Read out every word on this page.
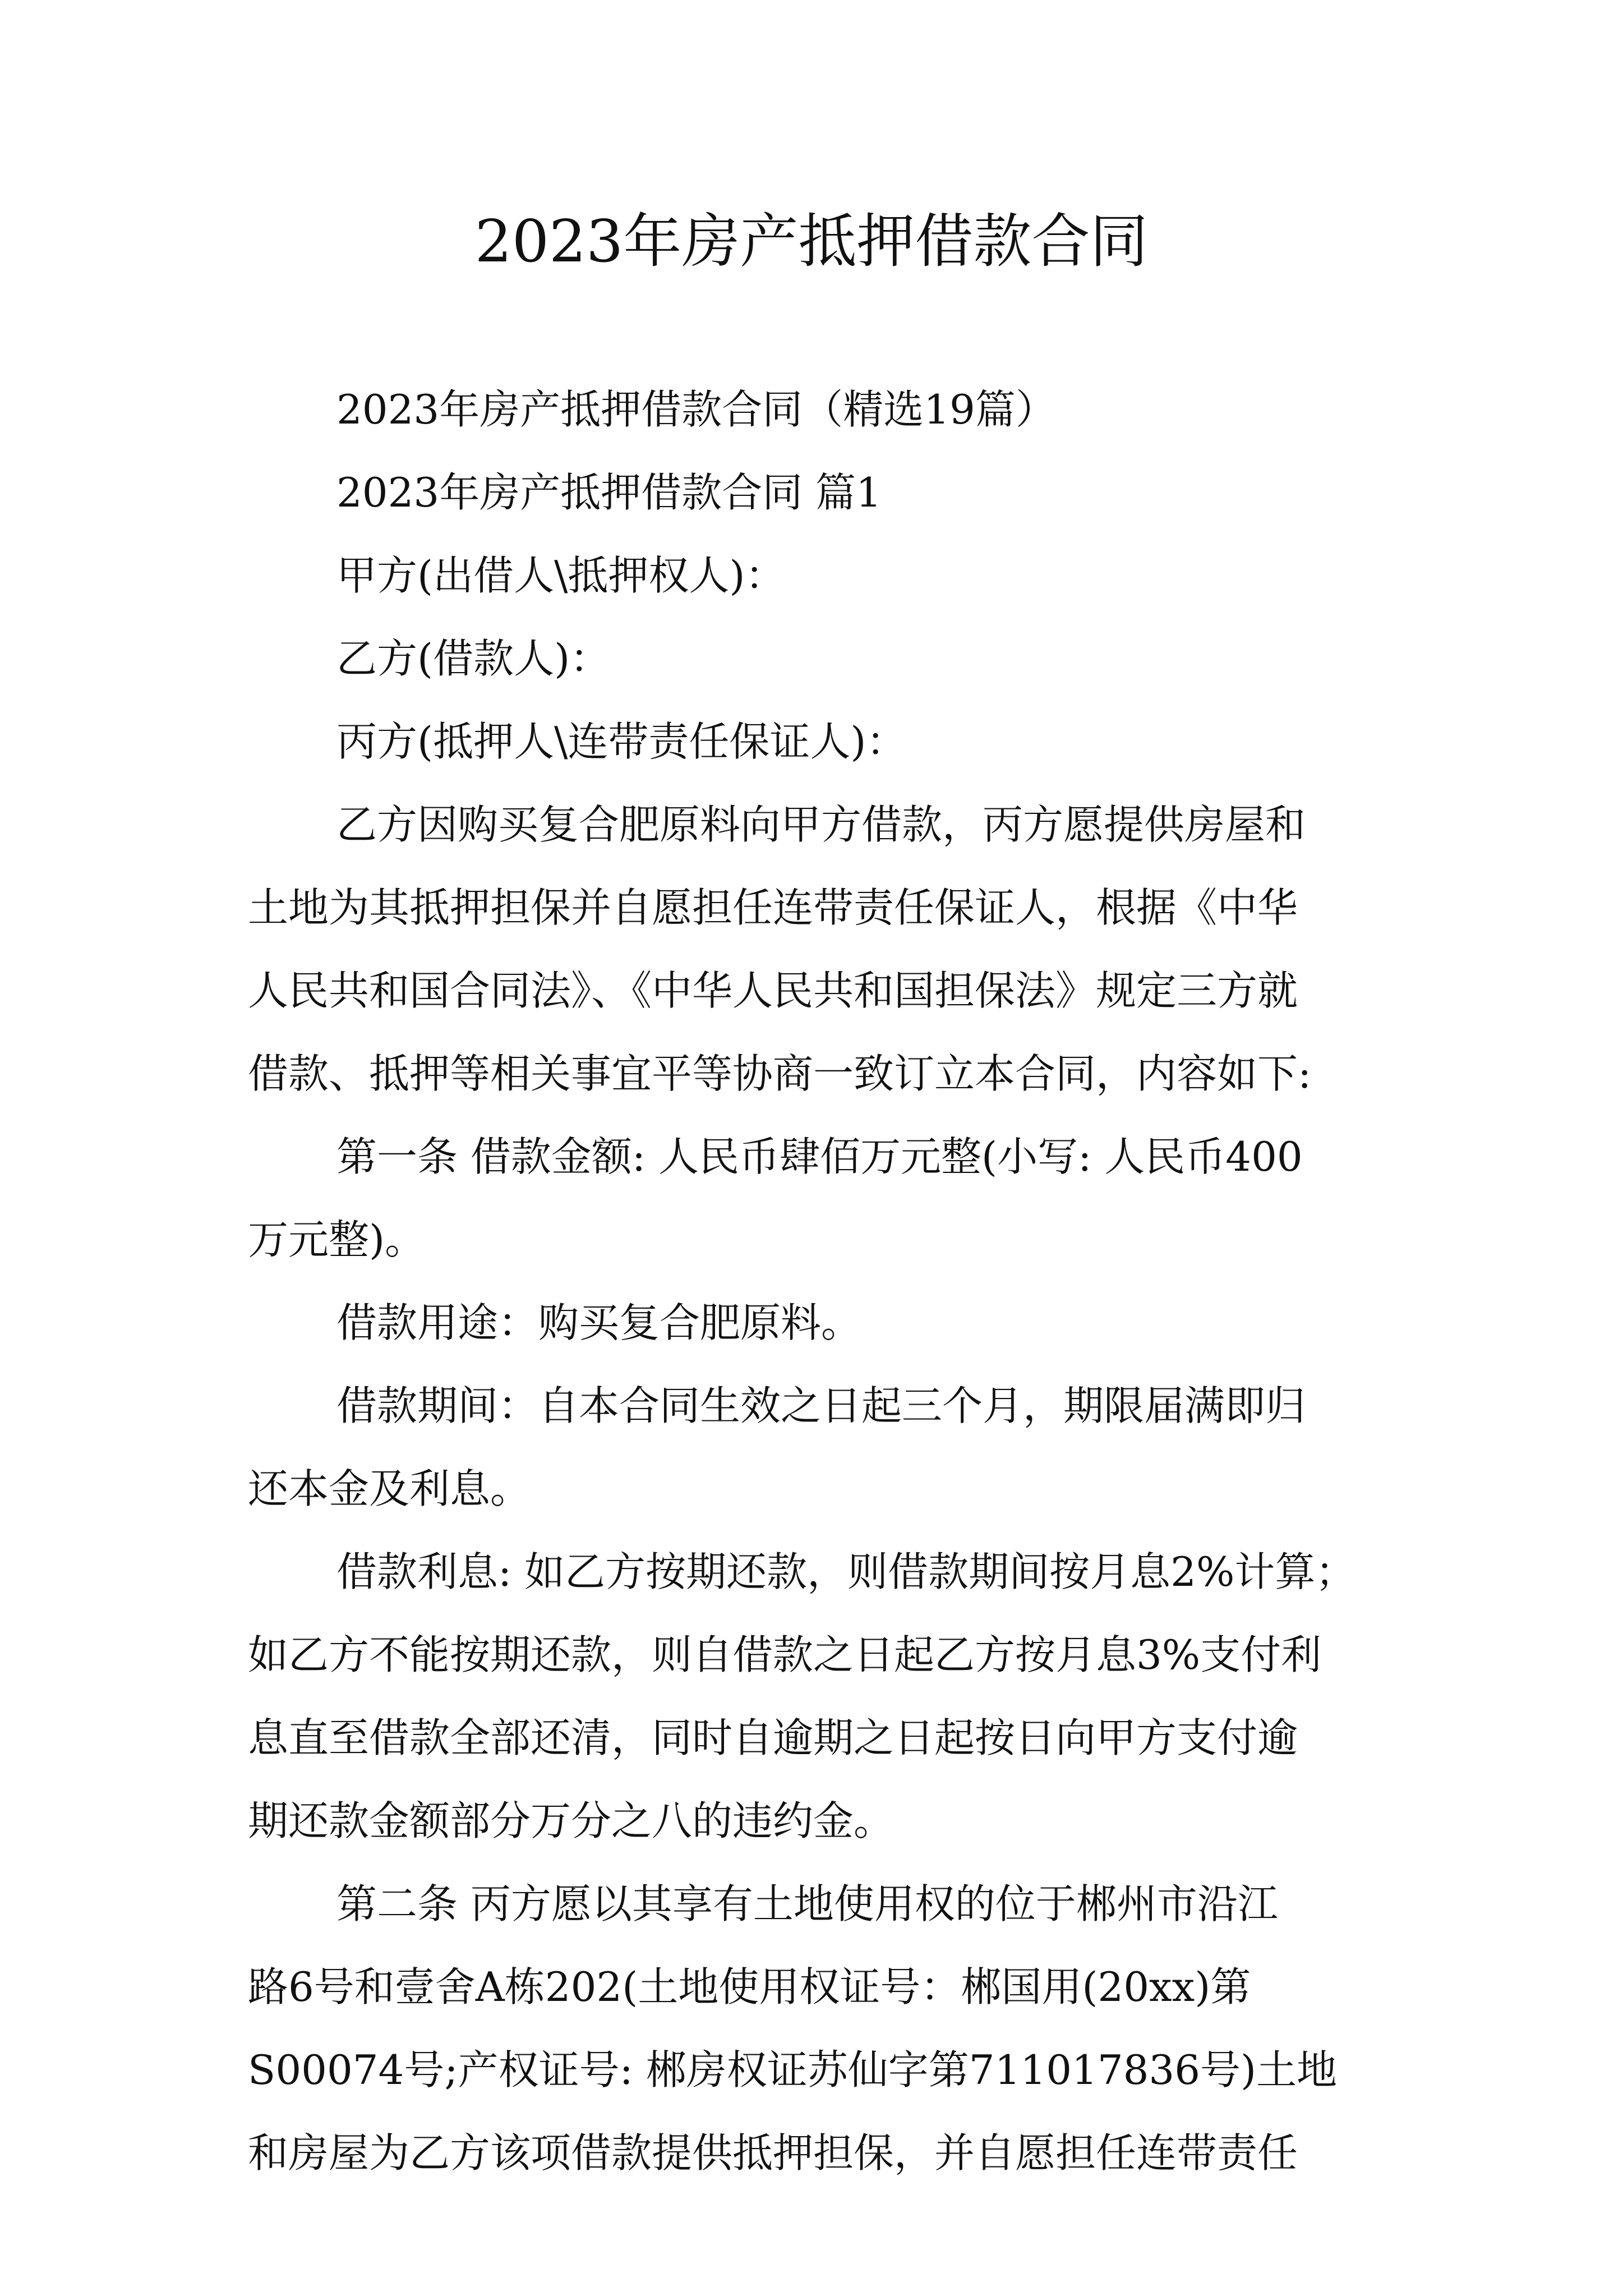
2023年房产抵押借款合同
2023年房产抵押借款合同（精选19篇）
2023年房产抵押借款合同 篇1
甲方(出借人\抵押权人)：
乙方(借款人)：
丙方(抵押人\连带责任保证人)：
乙方因购买复合肥原料向甲方借款，丙方愿提供房屋和
土地为其抵押担保并自愿担任连带责任保证人，根据《中华
人民共和国合同法》、《中华人民共和国担保法》规定三方就
借款、抵押等相关事宜平等协商一致订立本合同，内容如下:
第一条 借款金额: 人民币肆佰万元整(小写: 人民币400
万元整)。
借款用途：购买复合肥原料。
借款期间：自本合同生效之日起三个月，期限届满即归
还本金及利息。
借款利息: 如乙方按期还款，则借款期间按月息2%计算；
如乙方不能按期还款，则自借款之日起乙方按月息3%支付利
息直至借款全部还清，同时自逾期之日起按日向甲方支付逾
期还款金额部分万分之八的违约金。
第二条 丙方愿以其享有土地使用权的位于郴州市沿江
路6号和壹舍A栋202(土地使用权证号：郴国用(20xx)第
S00074号;产权证号: 郴房权证苏仙字第711017836号)土地
和房屋为乙方该项借款提供抵押担保，并自愿担任连带责任
